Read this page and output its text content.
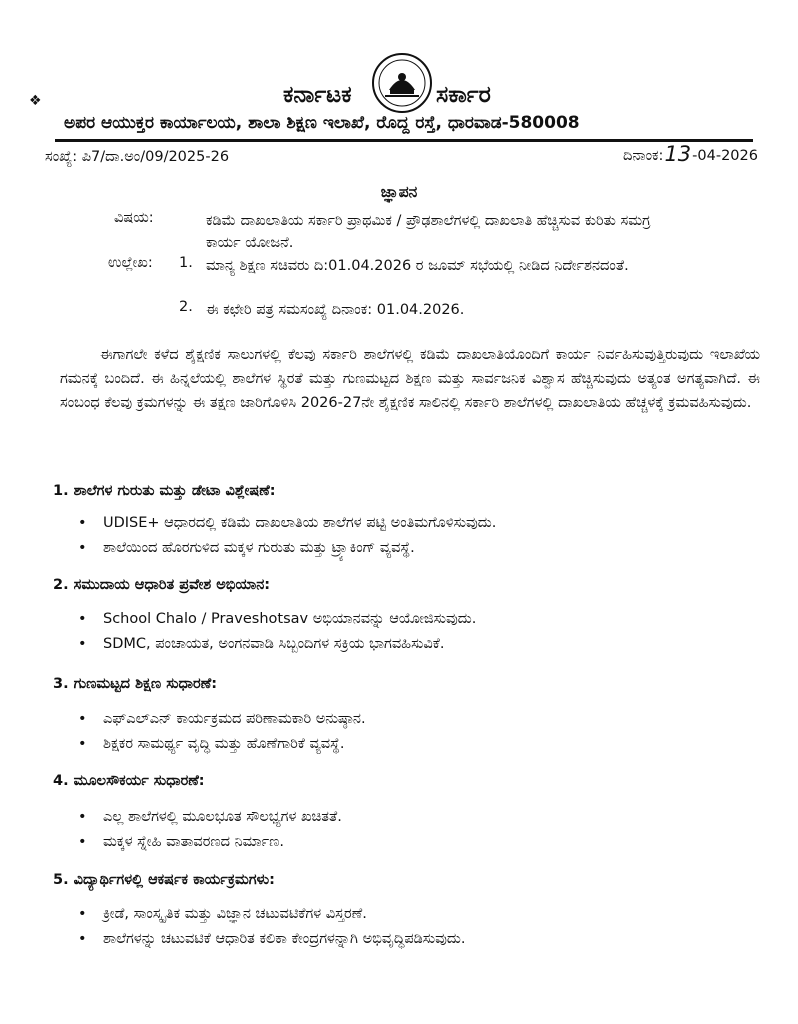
❖	ಕರ್ನಾಟಕ	ಸರ್ಕಾರ
ಅಪರ ಆಯುಕ್ತರ ಕಾರ್ಯಾಲಯ, ಶಾಲಾ ಶಿಕ್ಷಣ ಇಲಾಖೆ, ರೊದ್ದ ರಸ್ತೆ, ಧಾರವಾಡ-580008
ಸಂಖ್ಯೆ: ಪಿ7/ದಾ.ಅಂ/09/2025-26	ದಿನಾಂಕ: 13 -04-2026
ಜ್ಞಾಪನ
ವಿಷಯ:	ಕಡಿಮೆ ದಾಖಲಾತಿಯ ಸರ್ಕಾರಿ ಪ್ರಾಥಮಿಕ / ಪ್ರೌಢಶಾಲೆಗಳಲ್ಲಿ ದಾಖಲಾತಿ ಹೆಚ್ಚಿಸುವ ಕುರಿತು ಸಮಗ್ರ ಕಾರ್ಯ ಯೋಜನೆ.
ಉಲ್ಲೇಖ: 1. ಮಾನ್ಯ ಶಿಕ್ಷಣ ಸಚಿವರು ದಿ:01.04.2026 ರ ಜೂಮ್ ಸಭೆಯಲ್ಲಿ ನೀಡಿದ ನಿರ್ದೇಶನದಂತೆ.
2. ಈ ಕಛೇರಿ ಪತ್ರ ಸಮಸಂಖ್ಯೆ ದಿನಾಂಕ: 01.04.2026.
ಈಗಾಗಲೇ ಕಳೆದ ಶೈಕ್ಷಣಿಕ ಸಾಲುಗಳಲ್ಲಿ ಕೆಲವು ಸರ್ಕಾರಿ ಶಾಲೆಗಳಲ್ಲಿ ಕಡಿಮೆ ದಾಖಲಾತಿಯೊಂದಿಗೆ ಕಾರ್ಯ ನಿರ್ವಹಿಸುವುತ್ತಿರುವುದು ಇಲಾಖೆಯ ಗಮನಕ್ಕೆ ಬಂದಿದೆ. ಈ ಹಿನ್ನಲೆಯಲ್ಲಿ ಶಾಲೆಗಳ ಸ್ಥಿರತೆ ಮತ್ತು ಗುಣಮಟ್ಟದ ಶಿಕ್ಷಣ ಮತ್ತು ಸಾರ್ವಜನಿಕ ವಿಶ್ವಾಸ ಹೆಚ್ಚಿಸುವುದು ಅತ್ಯಂತ ಅಗತ್ಯವಾಗಿದೆ. ಈ ಸಂಬಂಧ ಕೆಲವು ಕ್ರಮಗಳನ್ನು ಈ ತಕ್ಷಣ ಜಾರಿಗೊಳಿಸಿ 2026-27ನೇ ಶೈಕ್ಷಣಿಕ ಸಾಲಿನಲ್ಲಿ ಸರ್ಕಾರಿ ಶಾಲೆಗಳಲ್ಲಿ ದಾಖಲಾತಿಯ ಹೆಚ್ಚಳಕ್ಕೆ ಕ್ರಮವಹಿಸುವುದು.
1. ಶಾಲೆಗಳ ಗುರುತು ಮತ್ತು ಡೇಟಾ ವಿಶ್ಲೇಷಣೆ:
•	UDISE+ ಆಧಾರದಲ್ಲಿ ಕಡಿಮೆ ದಾಖಲಾತಿಯ ಶಾಲೆಗಳ ಪಟ್ಟಿ ಅಂತಿಮಗೊಳಿಸುವುದು.
•	ಶಾಲೆಯಿಂದ ಹೊರಗುಳಿದ ಮಕ್ಕಳ ಗುರುತು ಮತ್ತು ಟ್ರ್ಯಾಕಿಂಗ್ ವ್ಯವಸ್ಥೆ.
2. ಸಮುದಾಯ ಆಧಾರಿತ ಪ್ರವೇಶ ಅಭಿಯಾನ:
•	School Chalo / Praveshotsav ಅಭಿಯಾನವನ್ನು ಆಯೋಜಿಸುವುದು.
•	SDMC, ಪಂಚಾಯತ, ಅಂಗನವಾಡಿ ಸಿಬ್ಬಂದಿಗಳ ಸಕ್ರಿಯ ಭಾಗವಹಿಸುವಿಕೆ.
3. ಗುಣಮಟ್ಟದ ಶಿಕ್ಷಣ ಸುಧಾರಣೆ:
•	ಎಫ್‌ಎಲ್‌ಎನ್ ಕಾರ್ಯಕ್ರಮದ ಪರಿಣಾಮಕಾರಿ ಅನುಷ್ಠಾನ.
•	ಶಿಕ್ಷಕರ ಸಾಮರ್ಥ್ಯ ವೃದ್ಧಿ ಮತ್ತು ಹೊಣೆಗಾರಿಕೆ ವ್ಯವಸ್ಥೆ.
4. ಮೂಲಸೌಕರ್ಯ ಸುಧಾರಣೆ:
•	ಎಲ್ಲ ಶಾಲೆಗಳಲ್ಲಿ ಮೂಲಭೂತ ಸೌಲಭ್ಯಗಳ ಖಚಿತತೆ.
•	ಮಕ್ಕಳ ಸ್ನೇಹಿ ವಾತಾವರಣದ ನಿರ್ಮಾಣ.
5. ವಿದ್ಯಾರ್ಥಿಗಳಲ್ಲಿ ಆಕರ್ಷಕ ಕಾರ್ಯಕ್ರಮಗಳು:
•	ಕ್ರೀಡೆ, ಸಾಂಸ್ಕೃತಿಕ ಮತ್ತು ವಿಜ್ಞಾನ ಚಟುವಟಿಕೆಗಳ ವಿಸ್ತರಣೆ.
•	ಶಾಲೆಗಳನ್ನು ಚಟುವಟಿಕೆ ಆಧಾರಿತ ಕಲಿಕಾ ಕೇಂದ್ರಗಳನ್ನಾಗಿ ಅಭಿವೃದ್ಧಿಪಡಿಸುವುದು.
